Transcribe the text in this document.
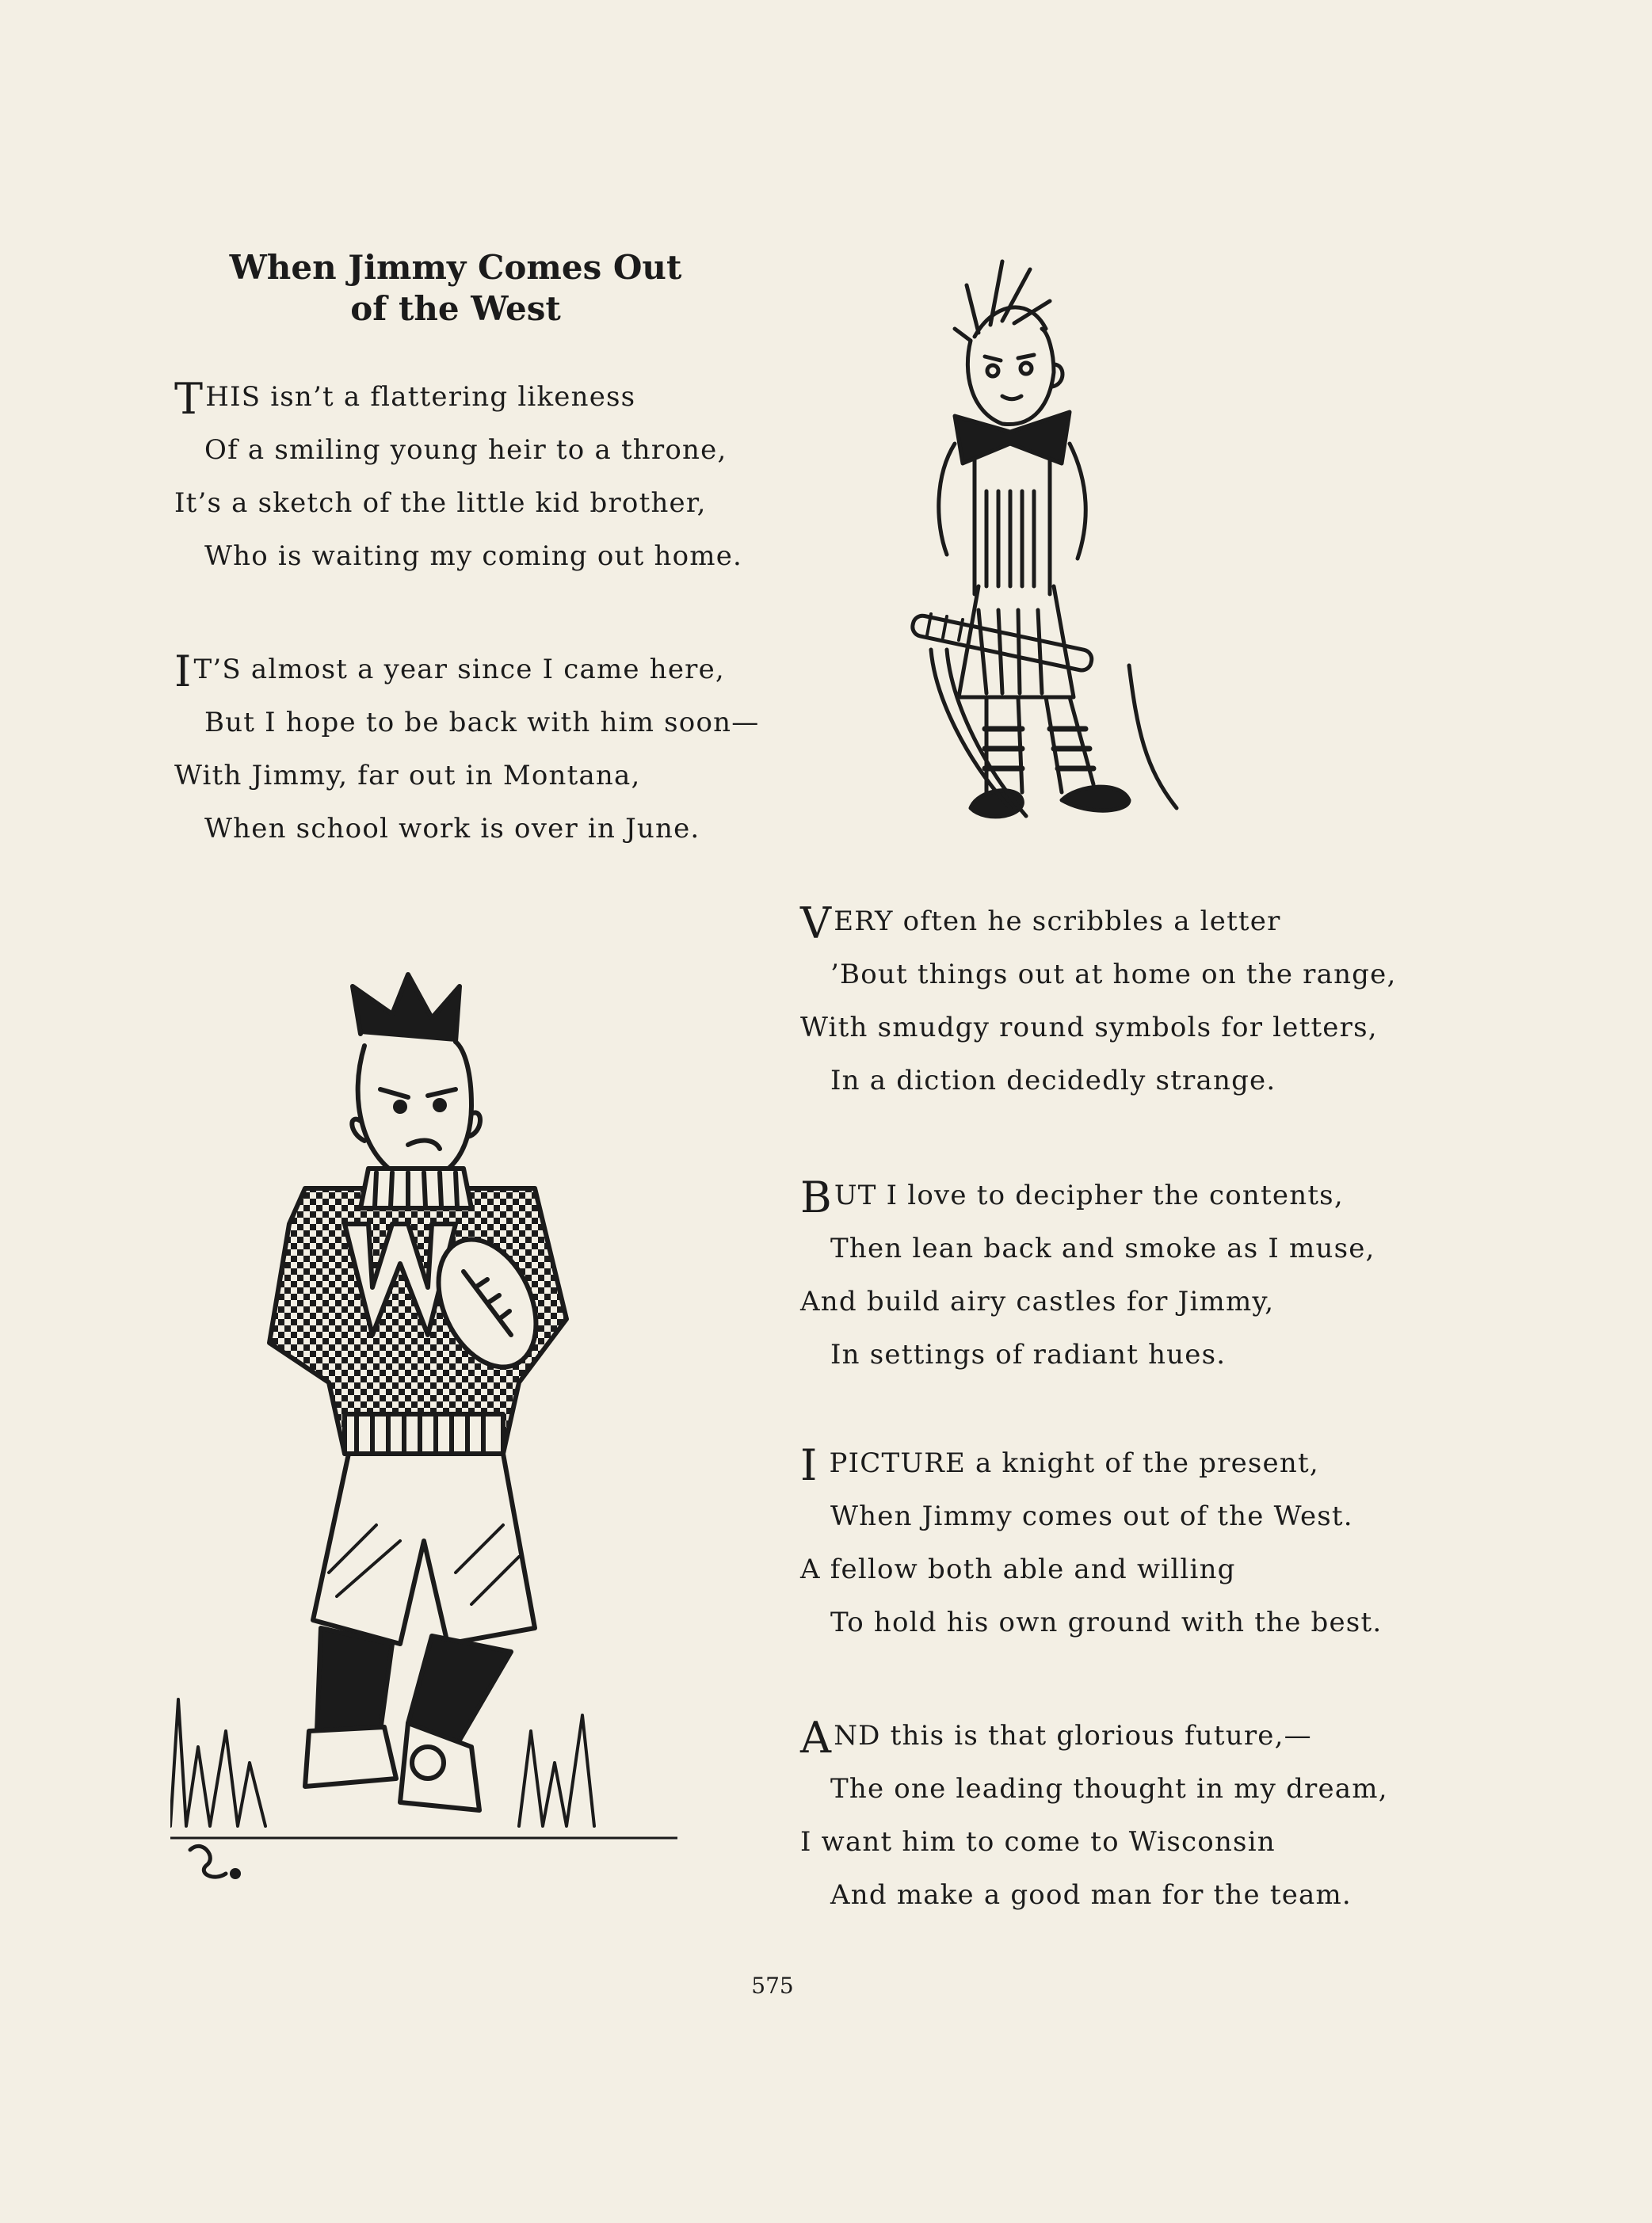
When Jimmy Comes Out
of the West
THIS isn’t a flattering likeness
Of a smiling young heir to a throne,
It’s a sketch of the little kid brother,
Who is waiting my coming out home.
IT’S almost a year since I came here,
But I hope to be back with him soon—
With Jimmy, far out in Montana,
When school work is over in June.
VERY often he scribbles a letter
’Bout things out at home on the range,
With smudgy round symbols for letters,
In a diction decidedly strange.
BUT I love to decipher the contents,
Then lean back and smoke as I muse,
And build airy castles for Jimmy,
In settings of radiant hues.
I PICTURE a knight of the present,
When Jimmy comes out of the West.
A fellow both able and willing
To hold his own ground with the best.
AND this is that glorious future,—
The one leading thought in my dream,
I want him to come to Wisconsin
And make a good man for the team.
575
